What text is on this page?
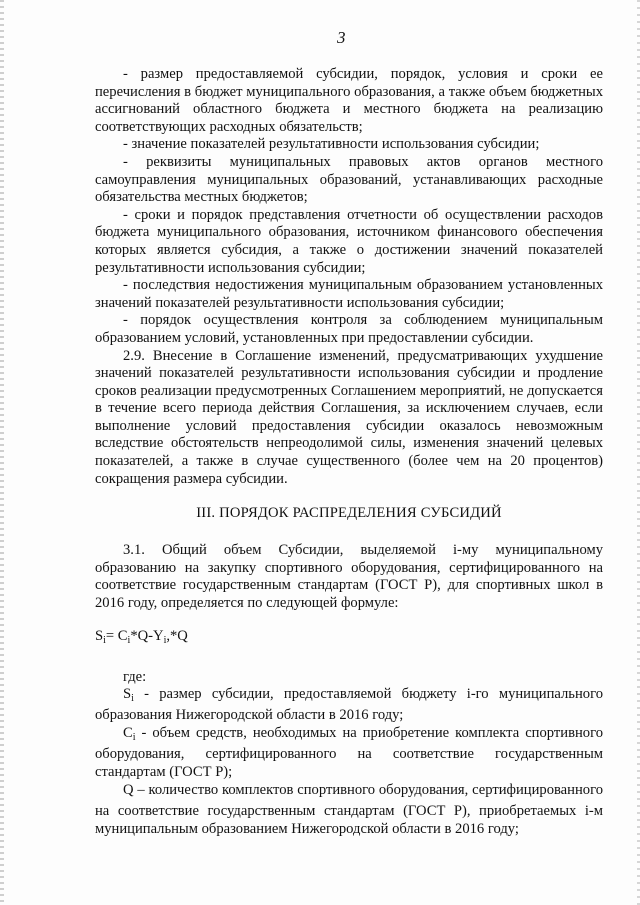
3

- размер предоставляемой субсидии, порядок, условия и сроки ее перечисления в бюджет муниципального образования, а также объем бюджетных ассигнований областного бюджета и местного бюджета на реализацию соответствующих расходных обязательств;

- значение показателей результативности использования субсидии;

- реквизиты муниципальных правовых актов органов местного самоуправления муниципальных образований, устанавливающих расходные обязательства местных бюджетов;

- сроки и порядок представления отчетности об осуществлении расходов бюджета муниципального образования, источником финансового обеспечения которых является субсидия, а также о достижении значений показателей результативности использования субсидии;

- последствия недостижения муниципальным образованием установленных значений показателей результативности использования субсидии;

- порядок осуществления контроля за соблюдением муниципальным образованием условий, установленных при предоставлении субсидии.

2.9. Внесение в Соглашение изменений, предусматривающих ухудшение значений показателей результативности использования субсидии и продление сроков реализации предусмотренных Соглашением мероприятий, не допускается в течение всего периода действия Соглашения, за исключением случаев, если выполнение условий предоставления субсидии оказалось невозможным вследствие обстоятельств непреодолимой силы, изменения значений целевых показателей, а также в случае существенного (более чем на 20 процентов) сокращения размера субсидии.

III. ПОРЯДОК РАСПРЕДЕЛЕНИЯ СУБСИДИЙ

3.1. Общий объем Субсидии, выделяемой i-му муниципальному образованию на закупку спортивного оборудования, сертифицированного на соответствие государственным стандартам (ГОСТ Р), для спортивных школ в 2016 году, определяется по следующей формуле:

$S_i= C_i*Q-Y_i,*Q$

где:

$S_i$ - размер субсидии, предоставляемой бюджету i-го муниципального образования Нижегородской области в 2016 году;

$C_i$ - объем средств, необходимых на приобретение комплекта спортивного оборудования, сертифицированного на соответствие государственным стандартам (ГОСТ Р);

Q – количество комплектов спортивного оборудования, сертифицированного на соответствие государственным стандартам (ГОСТ Р), приобретаемых i-м муниципальным образованием Нижегородской области в 2016 году;
